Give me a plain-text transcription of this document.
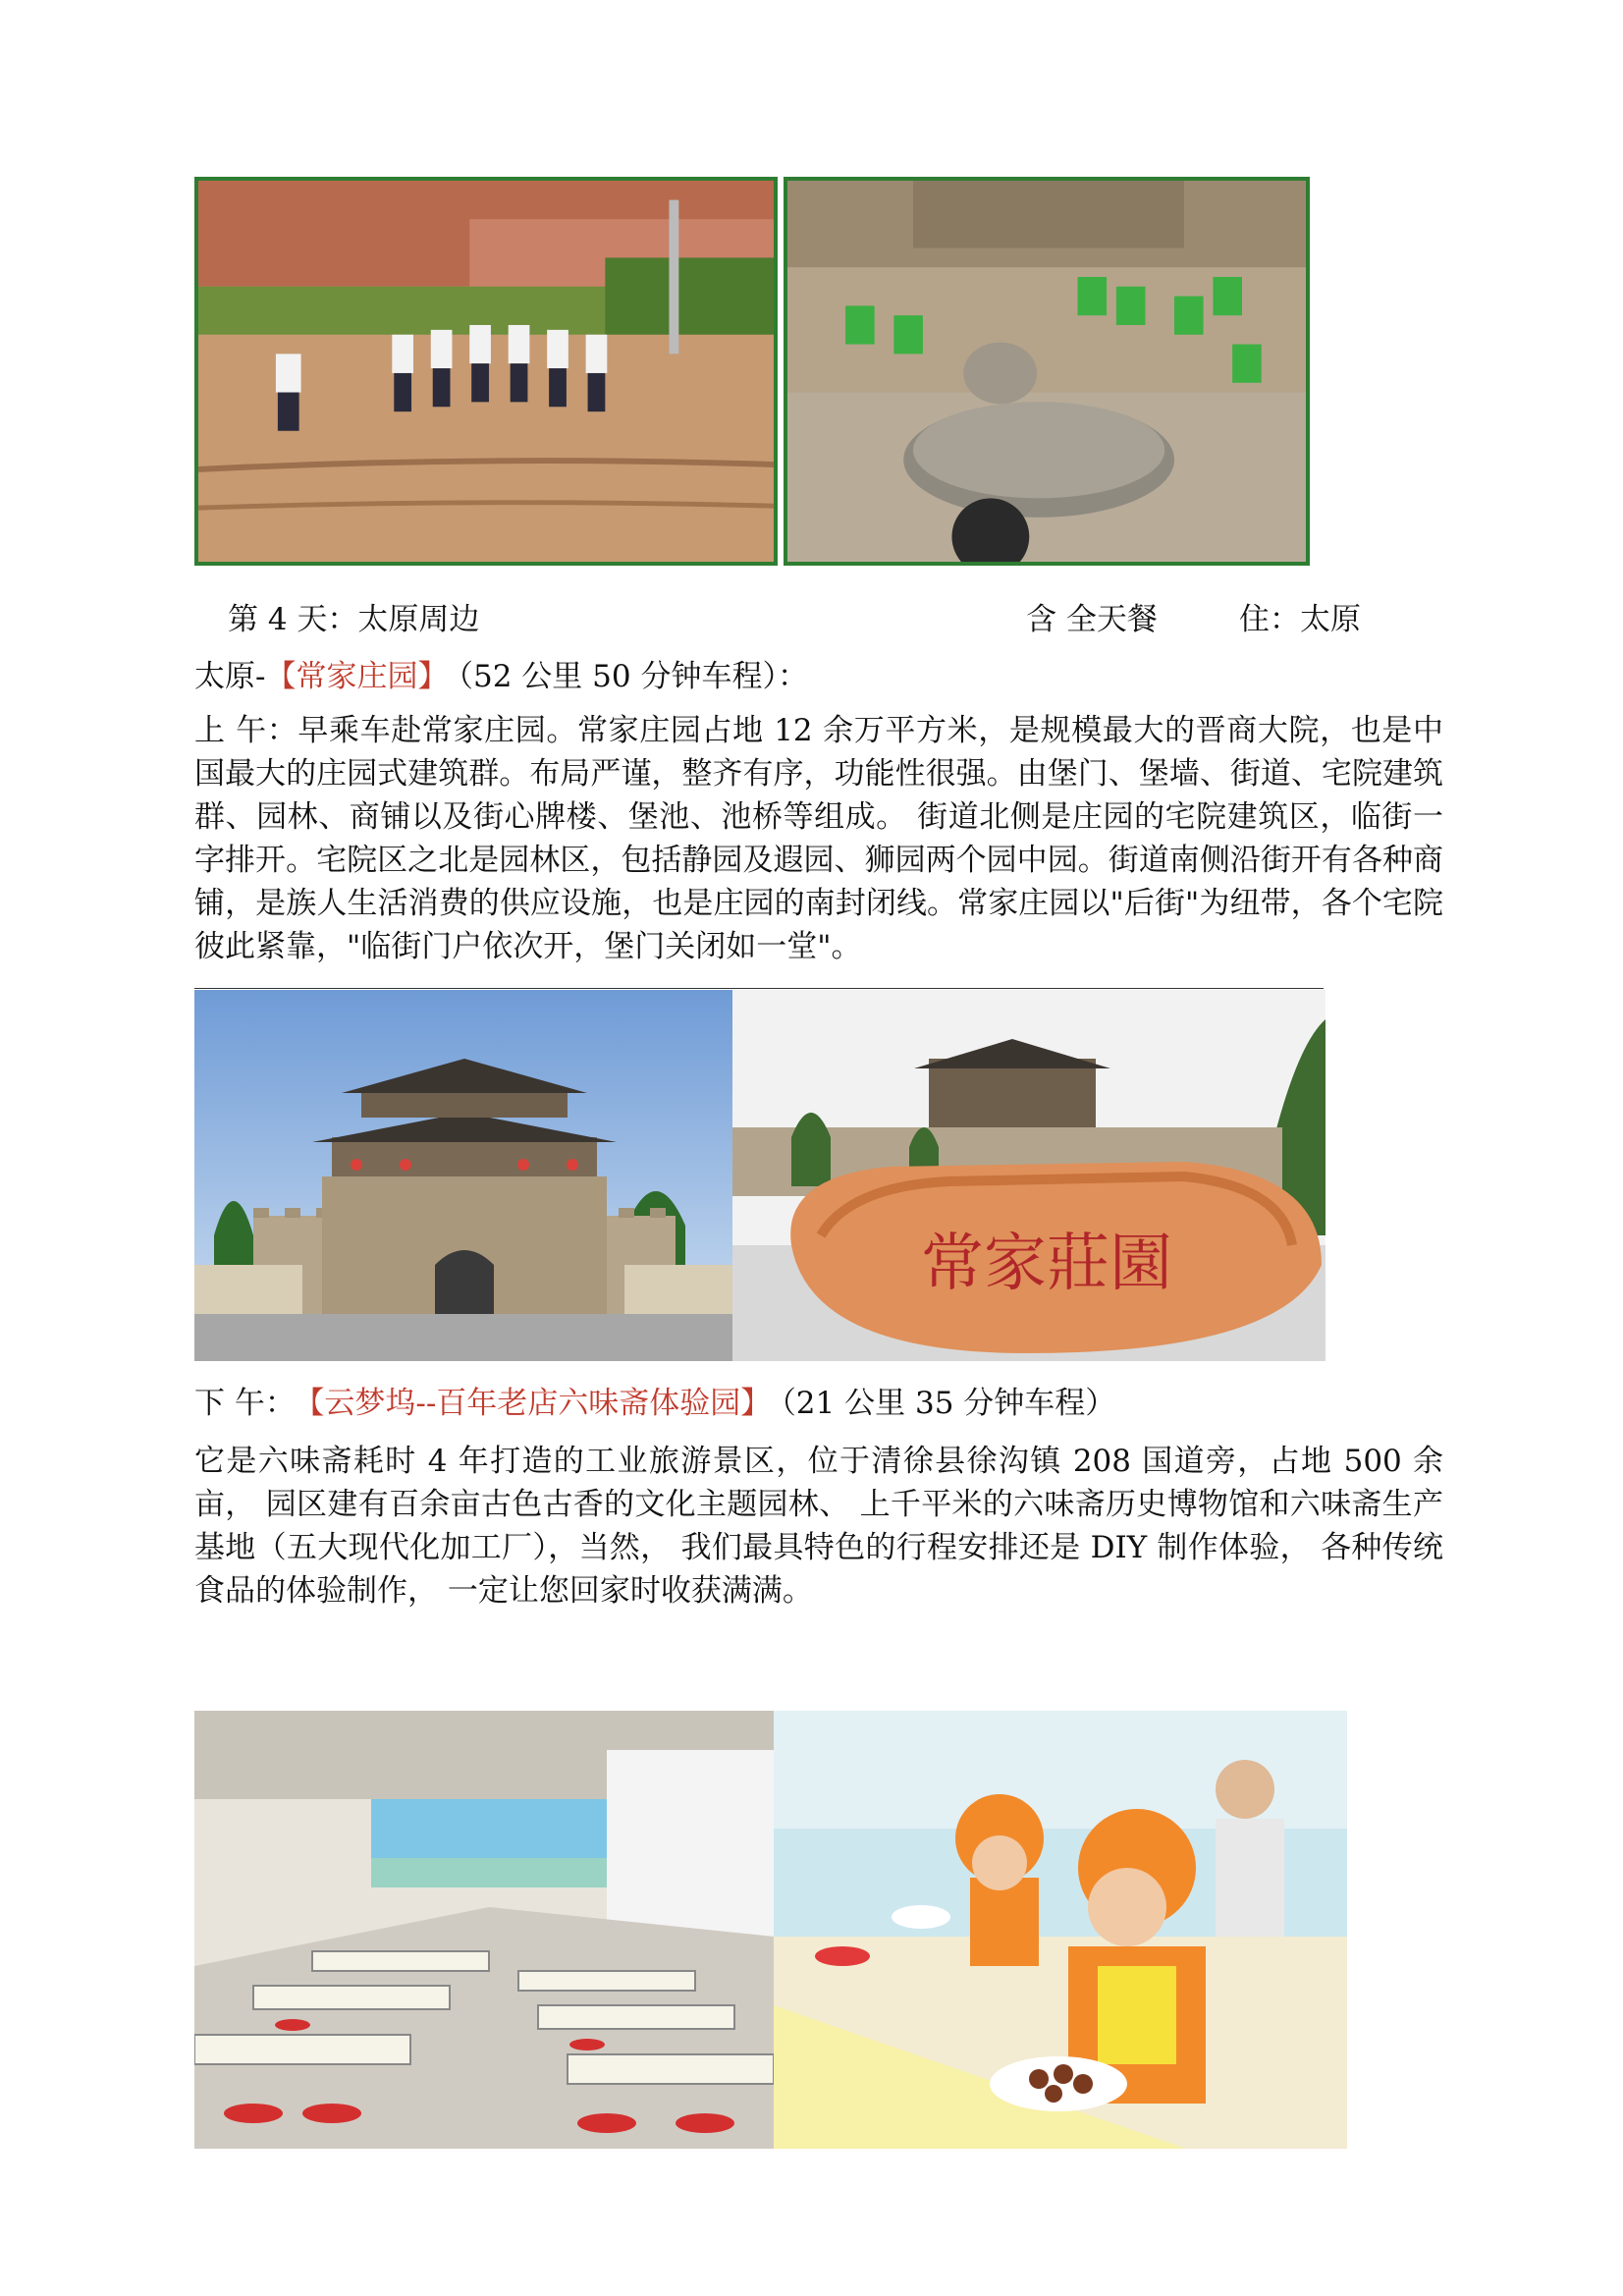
第 4 天：太原周边	含 全天餐	住：太原
太原-【常家庄园】 （52 公里 50 分钟车程）：
上 午：早乘车赴常家庄园。常家庄园占地 12 余万平方米，是规模最大的晋商大院，也是中国最大的庄园式建筑群。布局严谨，整齐有序，功能性很强。由堡门、堡墙、街道、宅院建筑群、园林、商铺以及街心牌楼、堡池、池桥等组成。 街道北侧是庄园的宅院建筑区，临街一字排开。宅院区之北是园林区，包括静园及遐园、狮园两个园中园。街道南侧沿街开有各种商铺，是族人生活消费的供应设施，也是庄园的南封闭线。常家庄园以"后街"为纽带，各个宅院彼此紧靠，"临街门户依次开，堡门关闭如一堂"。
常家莊園
下 午： 【云梦坞--百年老店六味斋体验园】 （21 公里 35 分钟车程）
它是六味斋耗时 4 年打造的工业旅游景区，位于清徐县徐沟镇 208 国道旁，占地 500 余亩， 园区建有百余亩古色古香的文化主题园林、 上千平米的六味斋历史博物馆和六味斋生产基地（五大现代化加工厂），当然， 我们最具特色的行程安排还是 DIY 制作体验， 各种传统食品的体验制作， 一定让您回家时收获满满。
